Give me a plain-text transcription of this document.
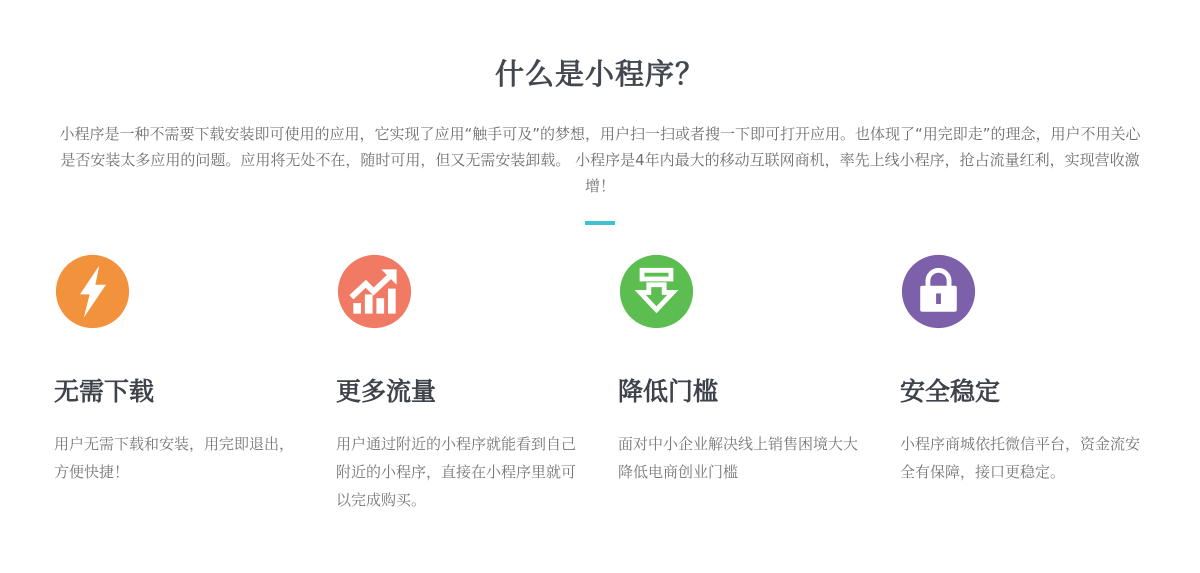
什么是小程序？

小程序是一种不需要下载安装即可使用的应用，它实现了应用“触手可及”的梦想，用户扫一扫或者搜一下即可打开应用。也体现了“用完即走”的理念，用户不用关心是否安装太多应用的问题。应用将无处不在，随时可用，但又无需安装卸载。 小程序是4年内最大的移动互联网商机，率先上线小程序，抢占流量红利，实现营收激增！

无需下载
用户无需下载和安装，用完即退出，方便快捷！
更多流量
用户通过附近的小程序就能看到自己附近的小程序，直接在小程序里就可以完成购买。
降低门槛
面对中小企业解决线上销售困境大大降低电商创业门槛
安全稳定
小程序商城依托微信平台，资金流安全有保障，接口更稳定。
